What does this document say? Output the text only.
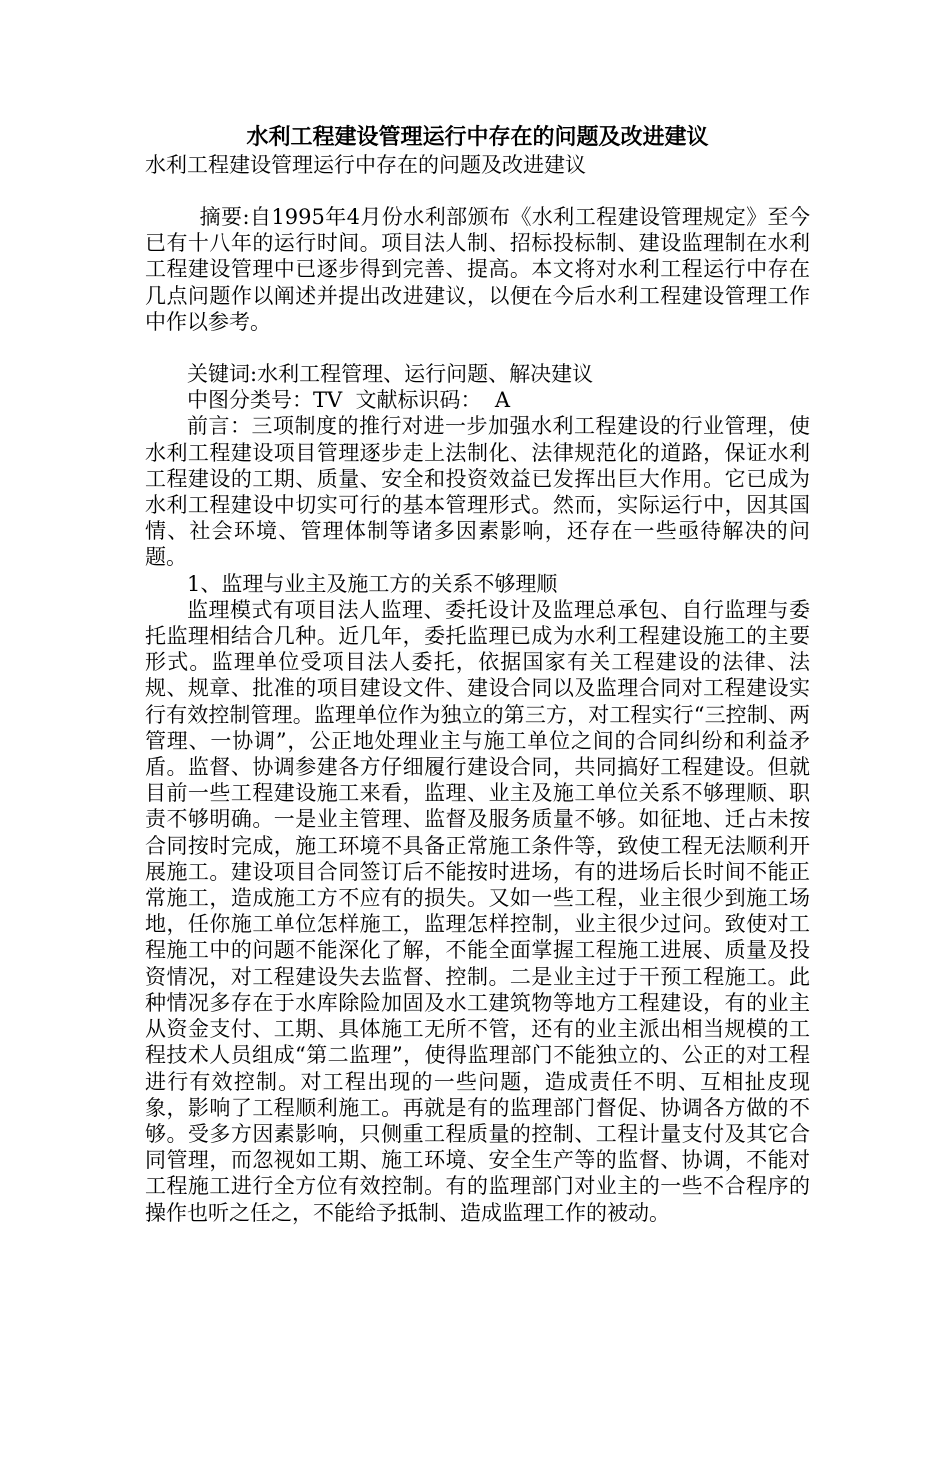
水利工程建设管理运行中存在的问题及改进建议

水利工程建设管理运行中存在的问题及改进建议

摘要:自1995年4月份水利部颁布《水利工程建设管理规定》至今已有十八年的运行时间。项目法人制、招标投标制、建设监理制在水利工程建设管理中已逐步得到完善、提高。本文将对水利工程运行中存在几点问题作以阐述并提出改进建议，以便在今后水利工程建设管理工作中作以参考。

关键词:水利工程管理、运行问题、解决建议

中图分类号：TV  文献标识码：  A

前言：三项制度的推行对进一步加强水利工程建设的行业管理，使水利工程建设项目管理逐步走上法制化、法律规范化的道路，保证水利工程建设的工期、质量、安全和投资效益已发挥出巨大作用。它已成为水利工程建设中切实可行的基本管理形式。然而，实际运行中，因其国情、社会环境、管理体制等诸多因素影响，还存在一些亟待解决的问题。

1、监理与业主及施工方的关系不够理顺

监理模式有项目法人监理、委托设计及监理总承包、自行监理与委托监理相结合几种。近几年，委托监理已成为水利工程建设施工的主要形式。监理单位受项目法人委托，依据国家有关工程建设的法律、法规、规章、批准的项目建设文件、建设合同以及监理合同对工程建设实行有效控制管理。监理单位作为独立的第三方，对工程实行“三控制、两管理、一协调”，公正地处理业主与施工单位之间的合同纠纷和利益矛盾。监督、协调参建各方仔细履行建设合同，共同搞好工程建设。但就目前一些工程建设施工来看，监理、业主及施工单位关系不够理顺、职责不够明确。一是业主管理、监督及服务质量不够。如征地、迁占未按合同按时完成，施工环境不具备正常施工条件等，致使工程无法顺利开展施工。建设项目合同签订后不能按时进场，有的进场后长时间不能正常施工，造成施工方不应有的损失。又如一些工程，业主很少到施工场地，任你施工单位怎样施工，监理怎样控制，业主很少过问。致使对工程施工中的问题不能深化了解，不能全面掌握工程施工进展、质量及投资情况，对工程建设失去监督、控制。二是业主过于干预工程施工。此种情况多存在于水库除险加固及水工建筑物等地方工程建设，有的业主从资金支付、工期、具体施工无所不管，还有的业主派出相当规模的工程技术人员组成“第二监理”，使得监理部门不能独立的、公正的对工程进行有效控制。对工程出现的一些问题，造成责任不明、互相扯皮现象，影响了工程顺利施工。再就是有的监理部门督促、协调各方做的不够。受多方因素影响，只侧重工程质量的控制、工程计量支付及其它合同管理，而忽视如工期、施工环境、安全生产等的监督、协调，不能对工程施工进行全方位有效控制。有的监理部门对业主的一些不合程序的操作也听之任之，不能给予抵制、造成监理工作的被动。
